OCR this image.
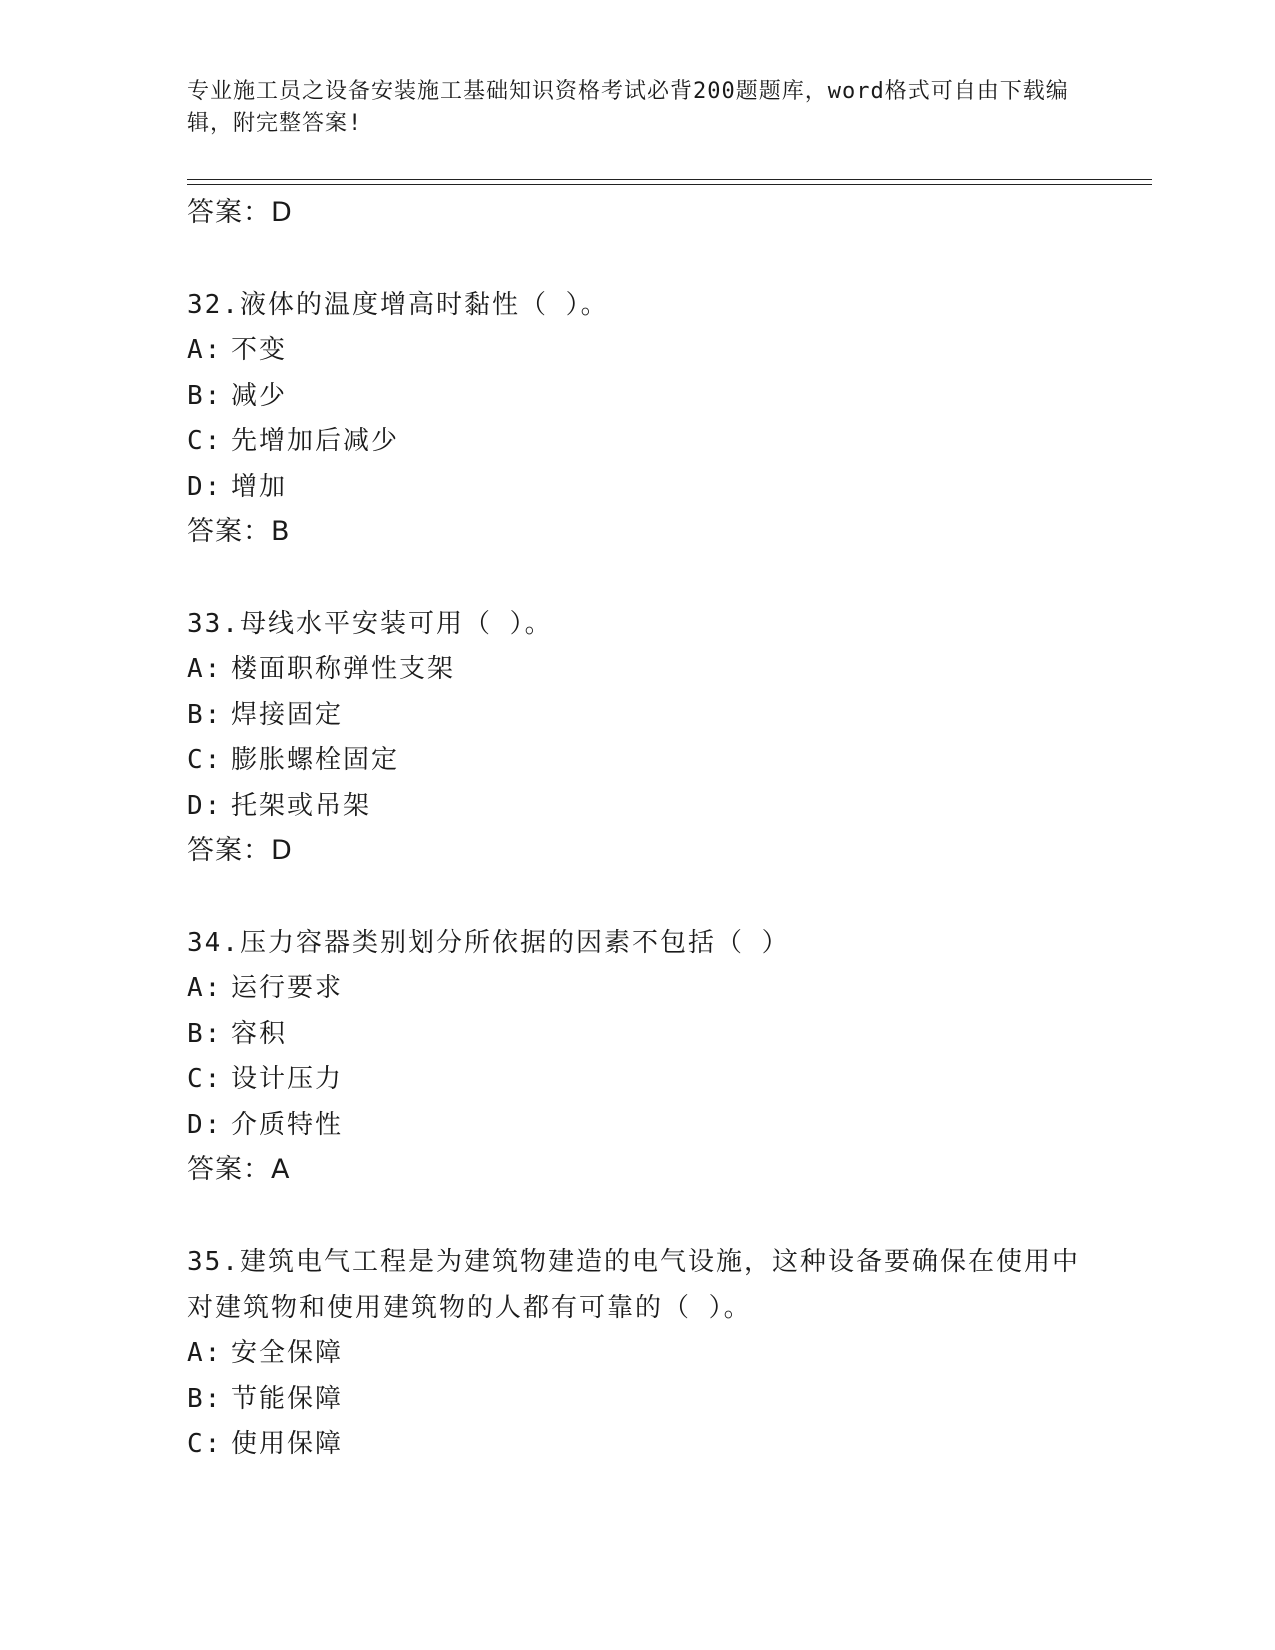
专业施工员之设备安装施工基础知识资格考试必背200题题库，word格式可自由下载编辑，附完整答案!
答案：D
32.液体的温度增高时黏性（ ）。
A: 不变
B: 减少
C: 先增加后减少
D: 增加
答案：B
33.母线水平安装可用（ ）。
A: 楼面职称弹性支架
B: 焊接固定
C: 膨胀螺栓固定
D: 托架或吊架
答案：D
34.压力容器类别划分所依据的因素不包括（ ）
A: 运行要求
B: 容积
C: 设计压力
D: 介质特性
答案：A
35.建筑电气工程是为建筑物建造的电气设施，这种设备要确保在使用中对建筑物和使用建筑物的人都有可靠的（ ）。
A: 安全保障
B: 节能保障
C: 使用保障
